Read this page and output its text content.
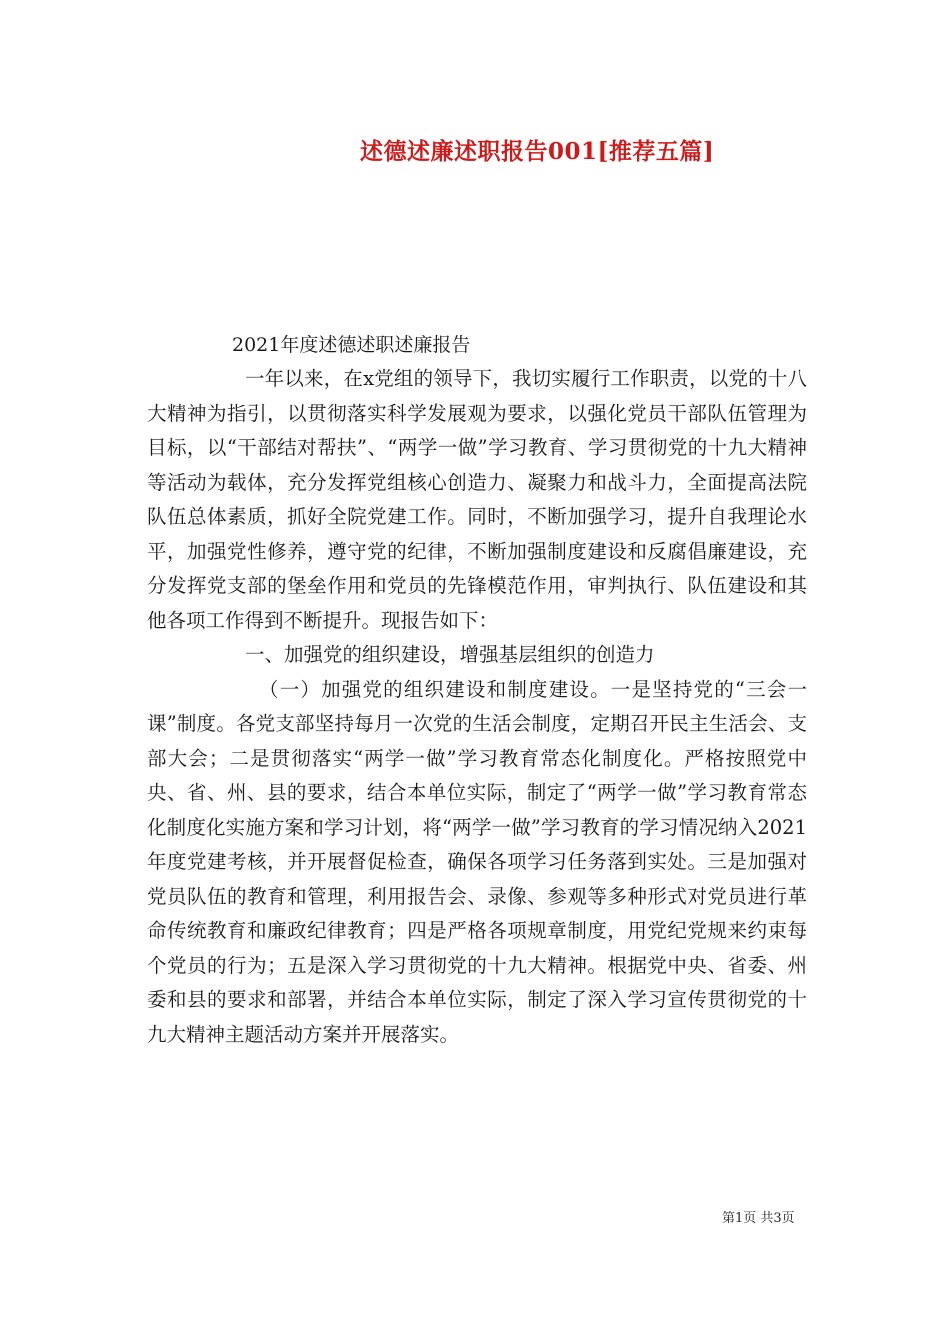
述德述廉述职报告001[推荐五篇]

2021年度述德述职述廉报告

一年以来，在x党组的领导下，我切实履行工作职责，以党的十八大精神为指引，以贯彻落实科学发展观为要求，以强化党员干部队伍管理为目标，以“干部结对帮扶”、“两学一做”学习教育、学习贯彻党的十九大精神等活动为载体，充分发挥党组核心创造力、凝聚力和战斗力，全面提高法院队伍总体素质，抓好全院党建工作。同时，不断加强学习，提升自我理论水平，加强党性修养，遵守党的纪律，不断加强制度建设和反腐倡廉建设，充分发挥党支部的堡垒作用和党员的先锋模范作用，审判执行、队伍建设和其他各项工作得到不断提升。现报告如下：

一、加强党的组织建设，增强基层组织的创造力

（一）加强党的组织建设和制度建设。一是坚持党的“三会一课”制度。各党支部坚持每月一次党的生活会制度，定期召开民主生活会、支部大会；二是贯彻落实“两学一做”学习教育常态化制度化。严格按照党中央、省、州、县的要求，结合本单位实际，制定了“两学一做”学习教育常态化制度化实施方案和学习计划，将“两学一做”学习教育的学习情况纳入2021年度党建考核，并开展督促检查，确保各项学习任务落到实处。三是加强对党员队伍的教育和管理，利用报告会、录像、参观等多种形式对党员进行革命传统教育和廉政纪律教育；四是严格各项规章制度，用党纪党规来约束每个党员的行为；五是深入学习贯彻党的十九大精神。根据党中央、省委、州委和县的要求和部署，并结合本单位实际，制定了深入学习宣传贯彻党的十九大精神主题活动方案并开展落实。

第1页 共3页
